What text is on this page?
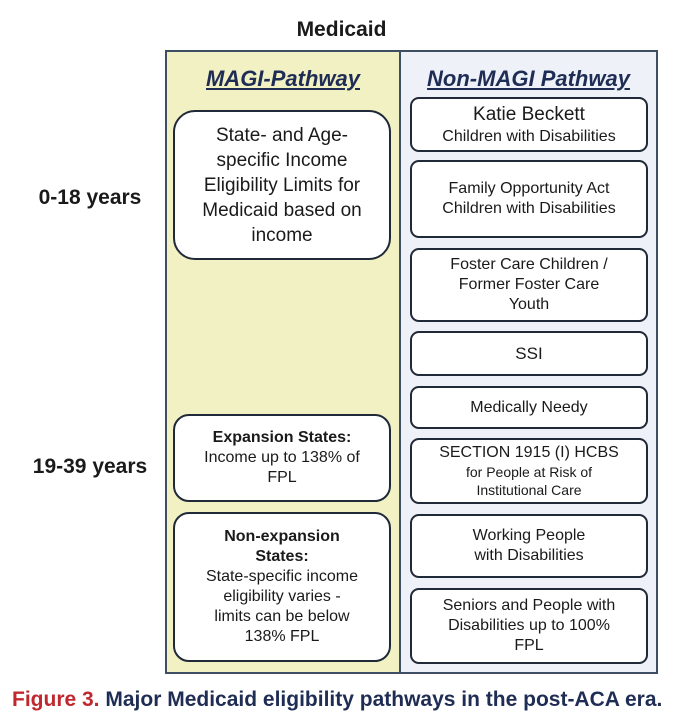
Medicaid
0-18 years
19-39 years
MAGI-Pathway	Non-MAGI Pathway
State- and Age-
specific Income
Eligibility Limits for
Medicaid based on
income
Expansion States:
Income up to 138% of
FPL
Non-expansion
States:
State-specific income
eligibility varies -
limits can be below
138% FPL
Katie Beckett
Children with Disabilities
Family Opportunity Act
Children with Disabilities
Foster Care Children /
Former Foster Care
Youth
SSI
Medically Needy
SECTION 1915 (I) HCBS
for People at Risk of
Institutional Care
Working People
with Disabilities
Seniors and People with
Disabilities up to 100%
FPL
Figure 3. Major Medicaid eligibility pathways in the post-ACA era.
